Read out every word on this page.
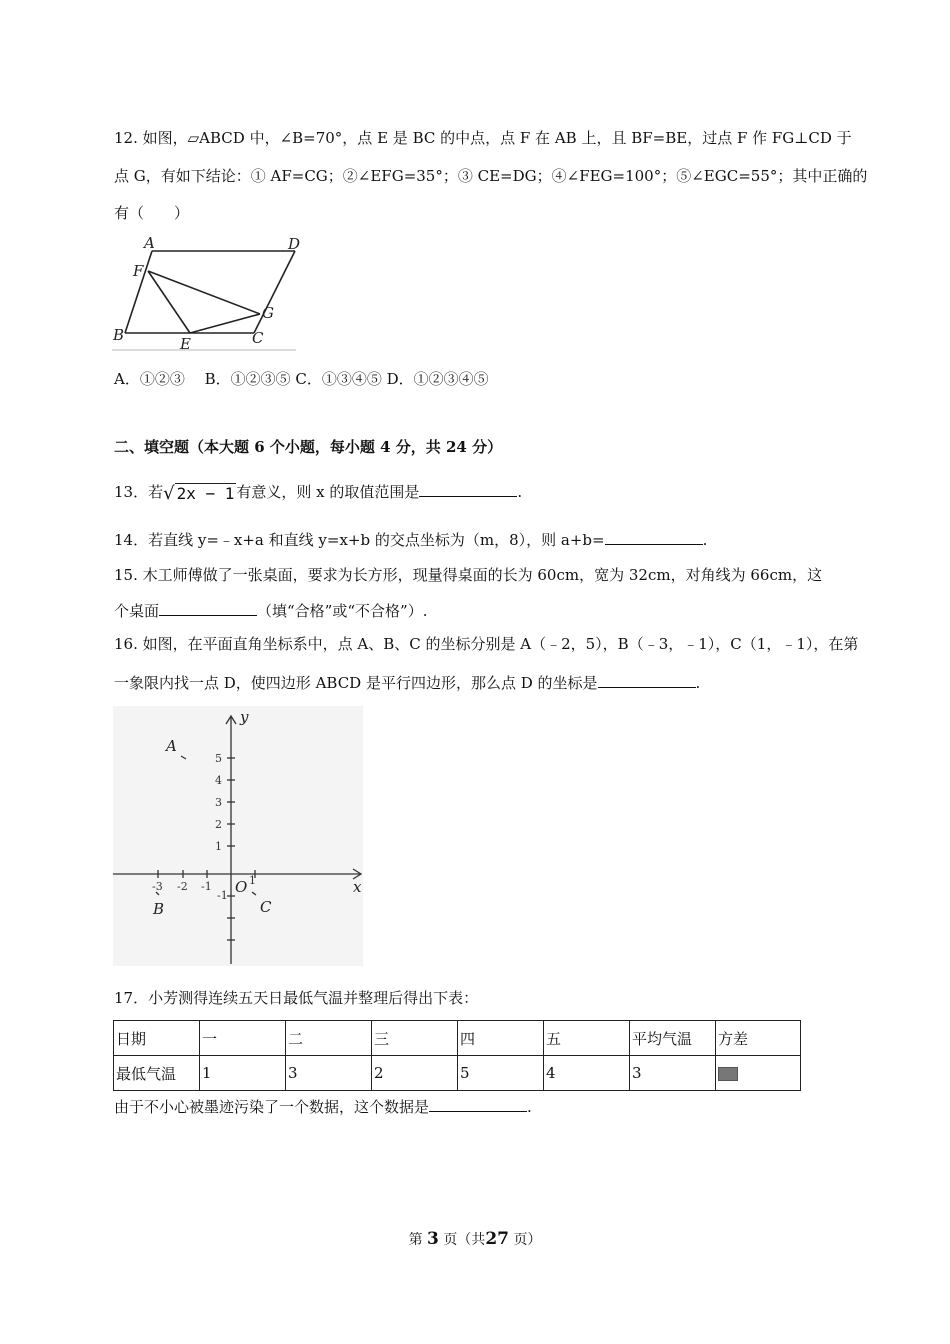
12. 如图，▱ABCD 中，∠B=70°，点 E 是 BC 的中点，点 F 在 AB 上，且 BF=BE，过点 F 作 FG⊥CD 于
点 G，有如下结论：① AF=CG；②∠EFG=35°；③ CE=DG；④∠FEG=100°；⑤∠EGC=55°；其中正确的
有（　　）
A	D
F
G
B	C
E
A．①②③　 B．①②③⑤ C．①③④⑤ D．①②③④⑤
二、填空题（本大题 6 个小题，每小题 4 分，共 24 分）
13．若√ 2x − 1 有意义，则 x 的取值范围是	.
14．若直线 y=﹣x+a 和直线 y=x+b 的交点坐标为（m，8），则 a+b=	.
15. 木工师傅做了一张桌面，要求为长方形，现量得桌面的长为 60cm，宽为 32cm，对角线为 66cm，这
个桌面	（填“合格”或“不合格”）.
16. 如图，在平面直角坐标系中，点 A、B、C 的坐标分别是 A（﹣2，5），B（﹣3，﹣1），C（1，﹣1），在第
一象限内找一点 D，使四边形 ABCD 是平行四边形，那么点 D 的坐标是	.
5
4
3
2
1
-1
-3 -2 -1	1
y
x
O
A
B	C
17．小芳测得连续五天日最低气温并整理后得出下表：
日期	一	二	三	四	五	平均气温	方差
最低气温	1	3	2	5	4	3	
由于不小心被墨迹污染了一个数据，这个数据是	.
第 3 页（共27 页）
